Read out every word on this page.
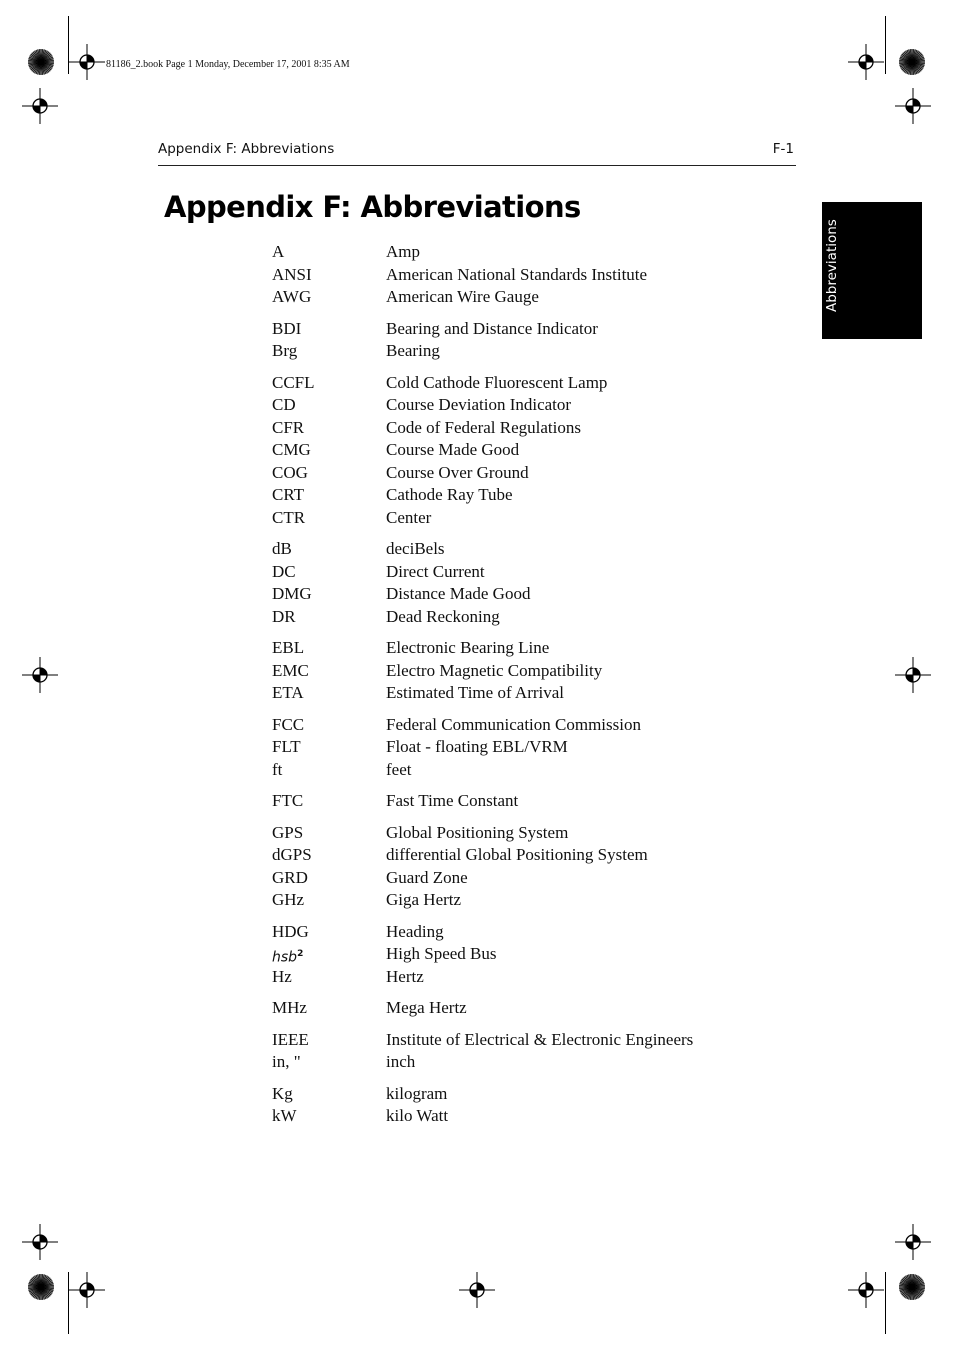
81186_2.book Page 1 Monday, December 17, 2001 8:35 AM
Appendix F: Abbreviations	F-1
Appendix F: Abbreviations
Abbreviations
A	Amp
ANSI	American National Standards Institute
AWG	American Wire Gauge
BDI	Bearing and Distance Indicator
Brg	Bearing
CCFL	Cold Cathode Fluorescent Lamp
CD	Course Deviation Indicator
CFR	Code of Federal Regulations
CMG	Course Made Good
COG	Course Over Ground
CRT	Cathode Ray Tube
CTR	Center
dB	deciBels
DC	Direct Current
DMG	Distance Made Good
DR	Dead Reckoning
EBL	Electronic Bearing Line
EMC	Electro Magnetic Compatibility
ETA	Estimated Time of Arrival
FCC	Federal Communication Commission
FLT	Float - floating EBL/VRM
ft	feet
FTC	Fast Time Constant
GPS	Global Positioning System
dGPS	differential Global Positioning System
GRD	Guard Zone
GHz	Giga Hertz
HDG	Heading
hsb$^2$	High Speed Bus
Hz	Hertz
MHz	Mega Hertz
IEEE	Institute of Electrical & Electronic Engineers
in, "	inch
Kg	kilogram
kW	kilo Watt
